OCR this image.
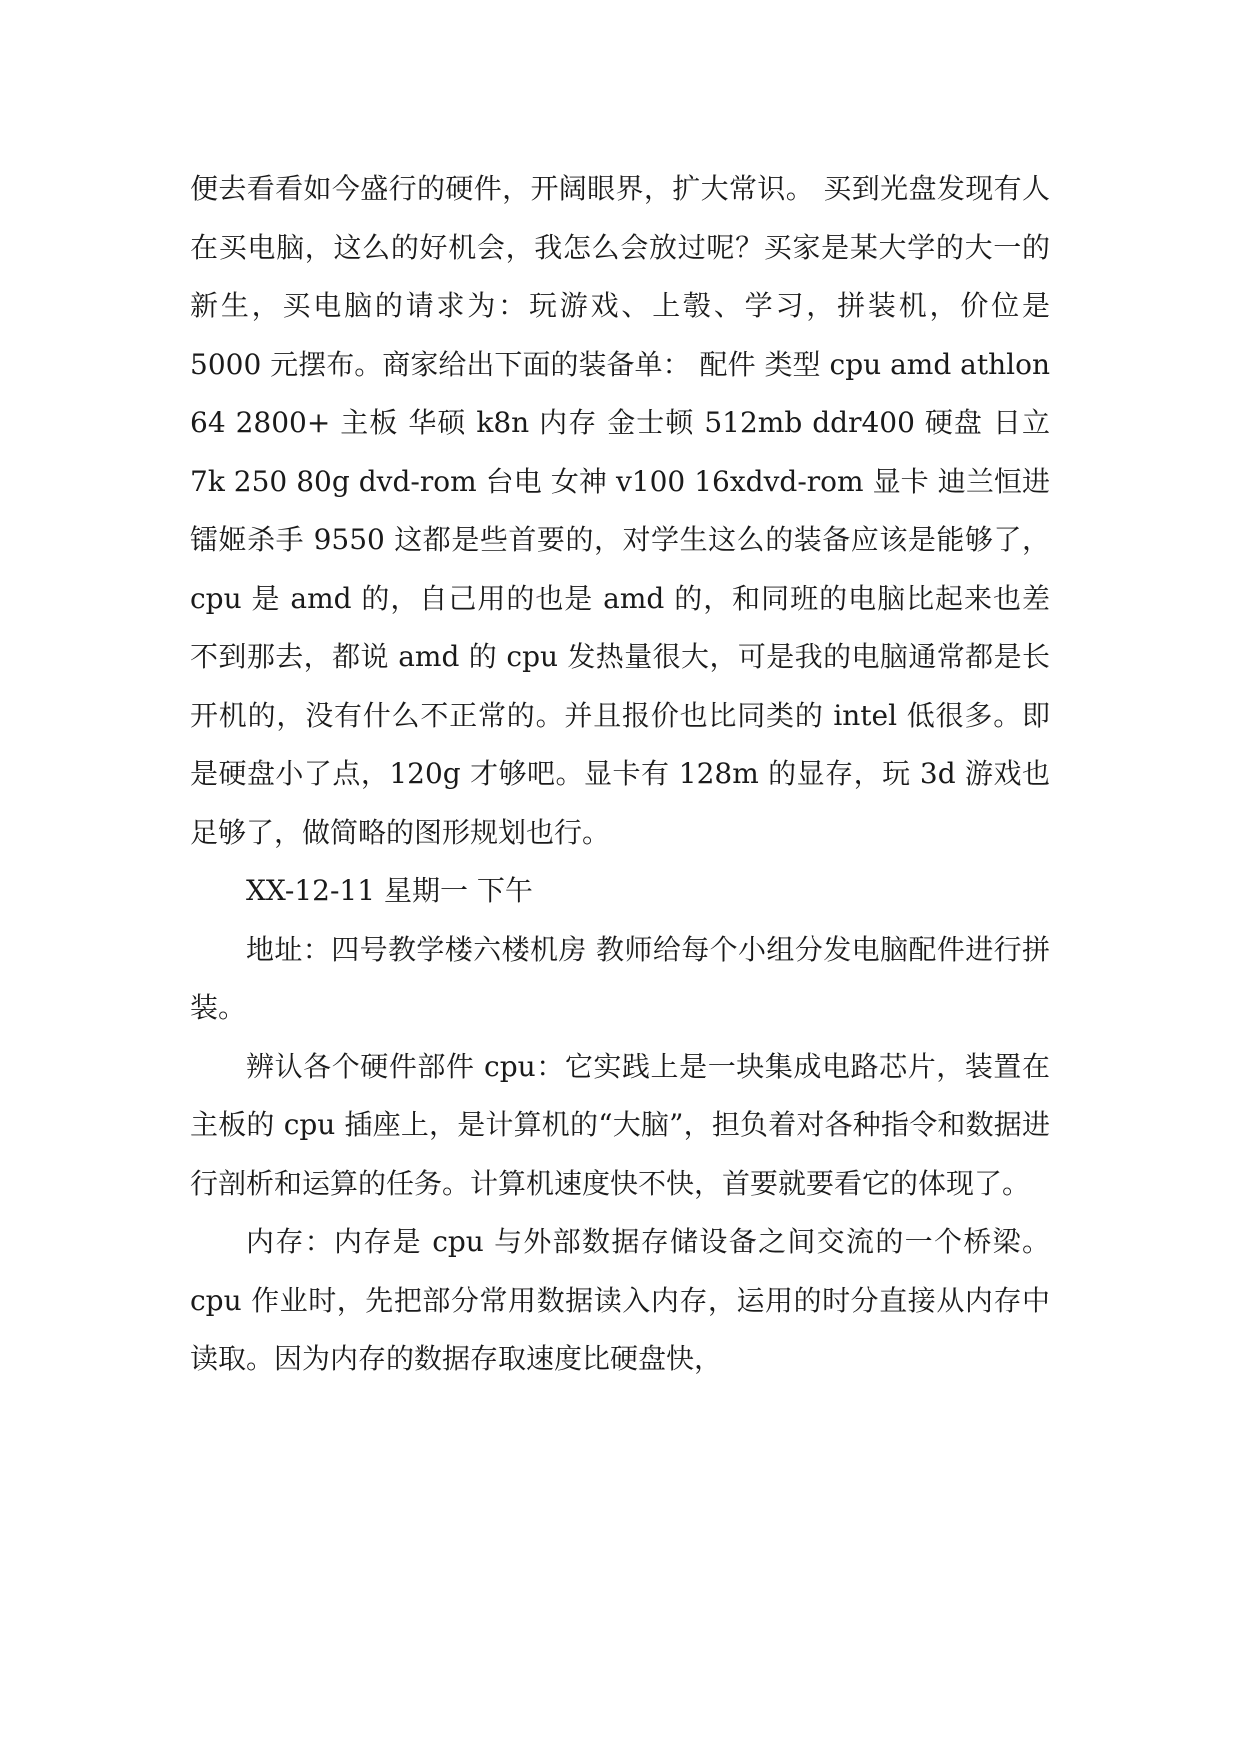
便去看看如今盛行的硬件，开阔眼界，扩大常识。 买到光盘发现有人在买电脑，这么的好机会，我怎么会放过呢？买家是某大学的大一的新生，买电脑的请求为：玩游戏、上彀、学习，拼装机，价位是 5000 元摆布。商家给出下面的装备单： 配件 类型 cpu amd athlon 64 2800+ 主板 华硕 k8n 内存 金士顿 512mb ddr400 硬盘 日立 7k 250 80g dvd-rom 台电 女神 v100 16xdvd-rom 显卡 迪兰恒进 镭姬杀手 9550 这都是些首要的，对学生这么的装备应该是能够了，cpu 是 amd 的，自己用的也是 amd 的，和同班的电脑比起来也差不到那去，都说 amd 的 cpu 发热量很大，可是我的电脑通常都是长开机的，没有什么不正常的。并且报价也比同类的 intel 低很多。即是硬盘小了点，120g 才够吧。显卡有 128m 的显存，玩 3d 游戏也足够了，做简略的图形规划也行。

XX-12-11 星期一 下午

地址：四号教学楼六楼机房 教师给每个小组分发电脑配件进行拼装。

辨认各个硬件部件 cpu：它实践上是一块集成电路芯片，装置在主板的 cpu 插座上，是计算机的“大脑”，担负着对各种指令和数据进行剖析和运算的任务。计算机速度快不快，首要就要看它的体现了。

内存：内存是 cpu 与外部数据存储设备之间交流的一个桥梁。cpu 作业时，先把部分常用数据读入内存，运用的时分直接从内存中读取。因为内存的数据存取速度比硬盘快，
